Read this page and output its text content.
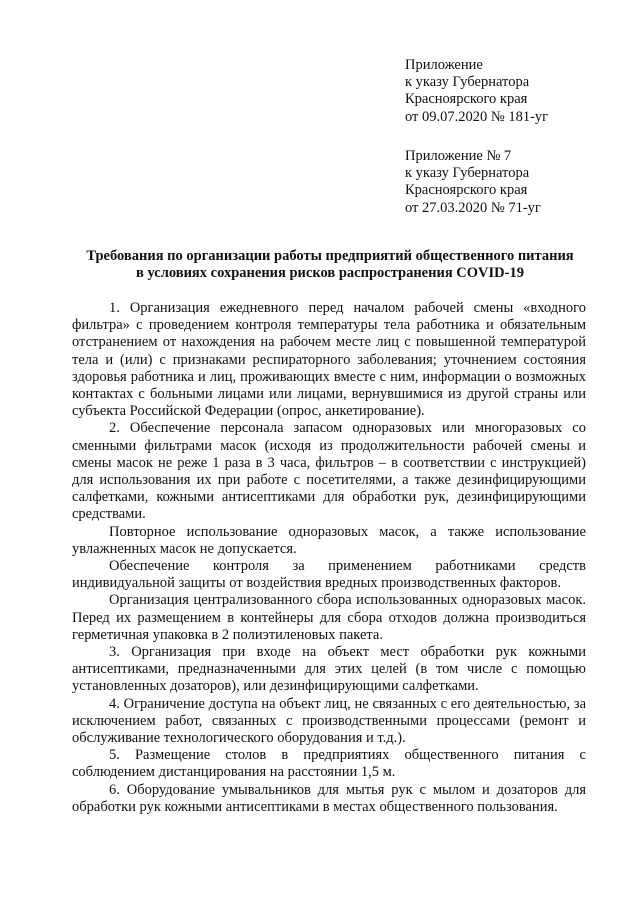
Приложение
к указу Губернатора
Красноярского края
от 09.07.2020 № 181-уг
Приложение № 7
к указу Губернатора
Красноярского края
от 27.03.2020 № 71-уг
Требования по организации работы предприятий общественного питания
в условиях сохранения рисков распространения COVID-19

1. Организация ежедневного перед началом рабочей смены «входного фильтра» с проведением контроля температуры тела работника и обязательным отстранением от нахождения на рабочем месте лиц с повышенной температурой тела и (или) с признаками респираторного заболевания; уточнением состояния здоровья работника и лиц, проживающих вместе с ним, информации о возможных контактах с больными лицами или лицами, вернувшимися из другой страны или субъекта Российской Федерации (опрос, анкетирование).

2. Обеспечение персонала запасом одноразовых или многоразовых со сменными фильтрами масок (исходя из продолжительности рабочей смены и смены масок не реже 1 раза в 3 часа, фильтров – в соответствии с инструкцией) для использования их при работе с посетителями, а также дезинфицирующими салфетками, кожными антисептиками для обработки рук, дезинфицирующими средствами.

Повторное использование одноразовых масок, а также использование увлажненных масок не допускается.

Обеспечение контроля за применением работниками средств индивидуальной защиты от воздействия вредных производственных факторов.

Организация централизованного сбора использованных одноразовых масок. Перед их размещением в контейнеры для сбора отходов должна производиться герметичная упаковка в 2 полиэтиленовых пакета.

3. Организация при входе на объект мест обработки рук кожными антисептиками, предназначенными для этих целей (в том числе с помощью установленных дозаторов), или дезинфицирующими салфетками.

4. Ограничение доступа на объект лиц, не связанных с его деятельностью, за исключением работ, связанных с производственными процессами (ремонт и обслуживание технологического оборудования и т.д.).

5. Размещение столов в предприятиях общественного питания с соблюдением дистанцирования на расстоянии 1,5 м.

6. Оборудование умывальников для мытья рук с мылом и дозаторов для обработки рук кожными антисептиками в местах общественного пользования.
